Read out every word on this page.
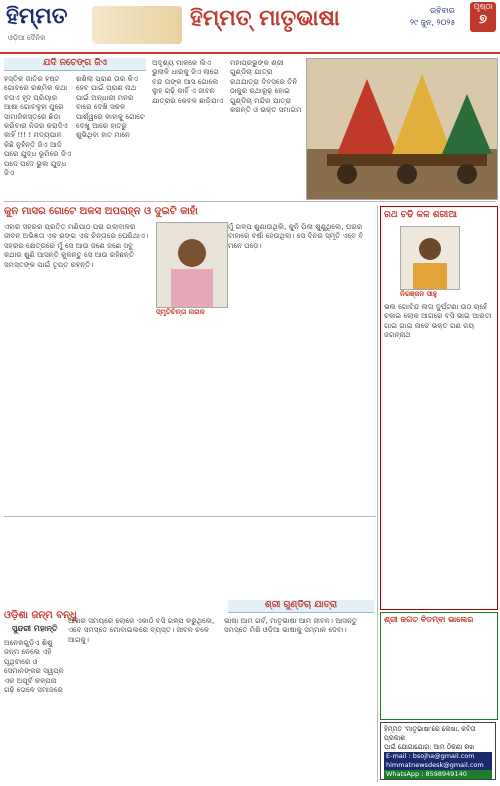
ହିମ୍ମତ
ଓଡ଼ିଆ ଦୈନିକ
ହିମ୍ମତ୍ ମାତୃଭାଷା	ରବିବାର
୨୯ ଜୁନ, ୨୦୨୫
ପୃଷ୍ଠା
୭
ଯଦି ନଚେଙ୍ଗ ଜିଏ
ହସ୍ତିକ ଜାତିର ହଷ୍ଟ ଗୋବରେ ରଶ୍ମିକ କଥା ବତାଏ ହୃଦ ପ୍ରିୟାର ଆଶା ଗୋବଳୁହା ପୁରେ ସାମାଜିକସ୍ତରେ ଛିଡ଼ା କରିବାର ନିଜର କରାଦିଏ କାହିଁ !!! ! ମଦ୍ୟପାନ କିଛି ନୁହଁନ୍ତି ଜିଏ ଆଦି ପରେ ଯୁଦ୍ଧ ଭୂମିରେ ଜିଏ ପଦେ ପଦେ ଭୁଲ ଯୁଦ୍ଧ ଜିଏ
ଶଶିଲା ପ୍ରାଣ ତାର କିଏ ହେବ ପାଇଁ ପ୍ରାଣ ନାଥ ପାଇଁ ଅନ୍ଧାରୀ ମନର ବାରେ ଦେଖି ସକଳ ପାର୍ଶ୍ୱରେ କାହାକୁ ଗୋଟେ ଦେଖୁ ଆରେ ହାତରୁ ଶୁଭିଥିବା ହାତ ମାନେ
ଅଦୃଶ୍ୟ ମାଳକେ ଲିଏ ଭୁଲାଳି ଧାରକୁ ଜିଏ ଲାଗେ ବନ୍ଦ ତାଙ୍କ ଆସ ଗୋଲେ ଲୁହ ଗଢ଼ି କାହିଁ ଏ ଜୀବନ ଯାତ୍ରାର କେବଳ ଛାଡ଼ିଯାଏ
ମହାପ୍ରଭୁଙ୍କ ଶ୍ରୀ ଗୁଣ୍ଡିଚା ଯାତ୍ରା ରଥଯାତ୍ରା ଦିବସରେ ତିନି ଠାକୁର ରଥାରୂଢ଼ ହୋଇ ଗୁଣ୍ଡିଚା ମନ୍ଦିର ଯାତ୍ରା କରନ୍ତି ଓ ଭକ୍ତ ସମାଗମ
କୁନ ମାସର ଗୋଟେ ଅଳସ ଅପରାହ୍ନ ଓ ଦୁଇଟି କାହାଁ
ଏହାର ସହରର ପ୍ରତିତ ମଣିପାଠ ପରା ଗଲାବାଳର ଜୀବନ ଅଭିଜ୍ଞତା ଏକ ରଙ୍ଗ ଏକ ଚିନ୍ତାରେ ଘେରିଥାଏ। ସହରର କ୍ଷେତ୍ରରେ ମୁଁ ସେ ଆଉ ଜଣେ ଜଣେ ସବୁ କଥାର ଶୁଣି ଆସନ୍ତି କୁଳନ୍ତୁ ସେ ଆଉ ରହିଛନ୍ତି ସମସ୍ତଙ୍କ ପାଇଁ ତୃପ୍ତ ରହନ୍ତି।
ସ୍ମୃତିଚିନ୍ତା ନାଗଳ
ମୁଁ ଗଳ୍ପ ଶୁଣାଉଥିଲି, କୁନି ପିଲା ଶୁଣୁଥିଲେ, ଘରର ବାହାରେ ବର୍ଷା ହେଉଥିଲା। ସେ ଦିନର ସ୍ମୃତି ଏବେ ବି ମନେ ପଡ଼େ।
ରଥ ଚଢି କଳ ଶରୀଆ
ନିରଞ୍ଜନ ସାହୁ
ଭଲ ଗୋବିନ୍ଦ ଲତା ଦୁର୍ଘଟଣା ଉଠ ଚାହେଁ ଚଳାଇ ଲୋକ ଆଗରେ ବସି ଭାଇ ଆରତୀ ଗାଇ ଗାଇ ନାଚେ ଭକ୍ତ ଗଣ ଜୟ ଜଗନ୍ନାଥ
ଶ୍ରୀ ଗୁଣ୍ଡିଚା ଯାତ୍ରା
ଓଡ଼ିଶା ଜନ୍ମ ବନ୍ଧୁ
ସୁନ୍ଦରୀ ମହାନ୍ତି
ଅନେକଗୁଡ଼ିଏ ଶିଶୁ ଜନ୍ମ ନେଲେ ଏହି ପୃଥିବୀରେ ଓ ସେମାନଙ୍କର ସ୍ୱପ୍ନ ଏକ ଅପୂର୍ବ କଳ୍ପନା ଗଢ଼ି ତୋଳେ ସମାଜରେ
ଆଗର ସମୟରେ ଲୋକେ ଏକାଠି ବସି ଗଳ୍ପ କରୁଥିଲେ, ଏବେ ସମସ୍ତେ ମୋବାଇଲରେ ବ୍ୟସ୍ତ। ଜୀବନ ଚଳେ ଆଗକୁ।
ଭାଷା ଆମ ଗର୍ବ, ମାତୃଭାଷା ଆମ ଜୀବନ। ଆସନ୍ତୁ ସମସ୍ତେ ମିଶି ଓଡ଼ିଆ ଭାଷାକୁ ସମ୍ମାନ ଦେବା।
ଶ୍ରୀ ଜଗତ ବିଡମ୍ବା ଭାଲେର
ହିମ୍ମତ 'ମାତୃଭାଷା'ରେ ଲେଖା, କବିତା ପ୍ରକାଶ
ପାଇଁ ଯୋଗାଯୋଗ: ଆମ ଠିକଣା ରଖ
E-mail : bsojha@gmail.com
himmatnewsdesk@gmail.com
WhatsApp : 8598949140
